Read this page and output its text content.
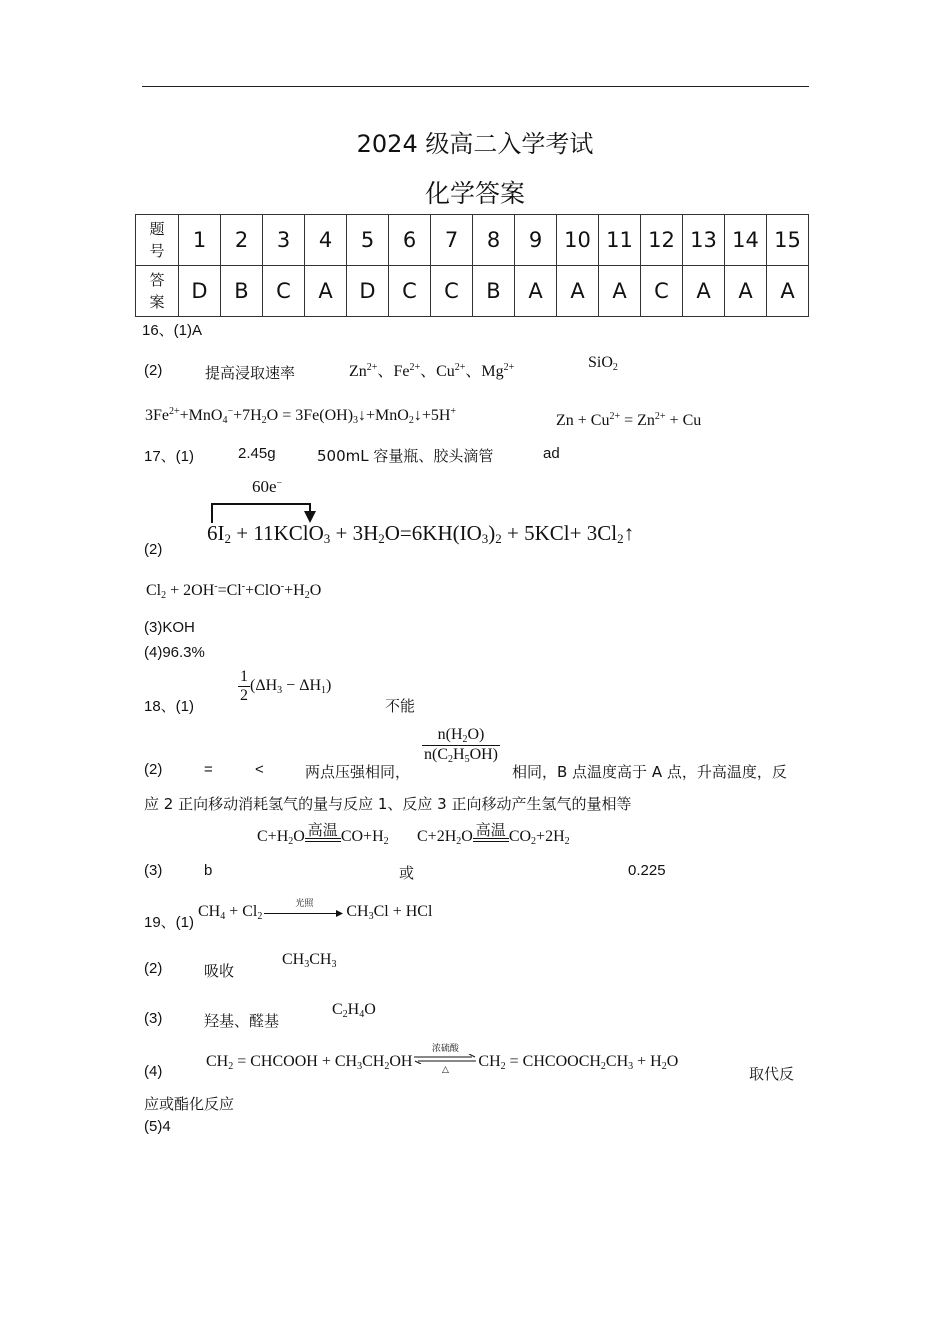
2024 级高二入学考试
化学答案
题
号	1	2	3	4	5	6	7	8	9	10	11	12	13	14	15

答
案	D	B	C	A	D	C	C	B	A	A	A	C	A	A	A
16、(1)A
(2)	提高浸取速率	$Zn^{2+}$、$Fe^{2+}$、$Cu^{2+}$、$Mg^{2+}$	SiO$_2$
$3Fe^{2+}+MnO_4^-+7H_2O$ = $3Fe(OH)_3↓+MnO_2↓+5H^+$
$Zn + Cu^{2+} = Zn^{2+} + Cu$
17、(1)	2.45g	500mL 容量瓶、胶头滴管	ad
60e−
(2)
$6I_2$ + 11KClO$_3$ + $3H_2O=6KH(IO_3)_2 + 5KCl+$ $3Cl_2↑$
$Cl_2 + 2OH^-=Cl^-+ClO^-+H_2O$
(3)KOH
(4)96.3%
18、(1)
$\frac{1}{2} (\Delta H_3 - \Delta H_1)$
不能
(2)	=	<	两点压强相同，
$\frac{n(H_2O)}{n(C_2H_5OH)}$
相同，B 点温度高于 A 点，升高温度，反
应 2 正向移动消耗氢气的量与反应 1、反应 3 正向移动产生氢气的量相等
(3)	b
$C+H_2O$ 高温 $CO+H_2$
或
$C+2H_2O$ 高温 $CO_2+2H_2$
0.225
19、(1)
$CH_4 + Cl_2$
光照	$CH_3Cl$ + HCl
(2)	吸收
$CH_3CH_3$
(3)	羟基、醛基
$C_2H_4O$
(4)
$CH_2$ = CHCOOH + $CH_3CH_2OH$
浓硫酸
△	$CH_2$ = $CHCOOCH_2CH_3 + H_2O$
取代反
应或酯化反应
(5)4
